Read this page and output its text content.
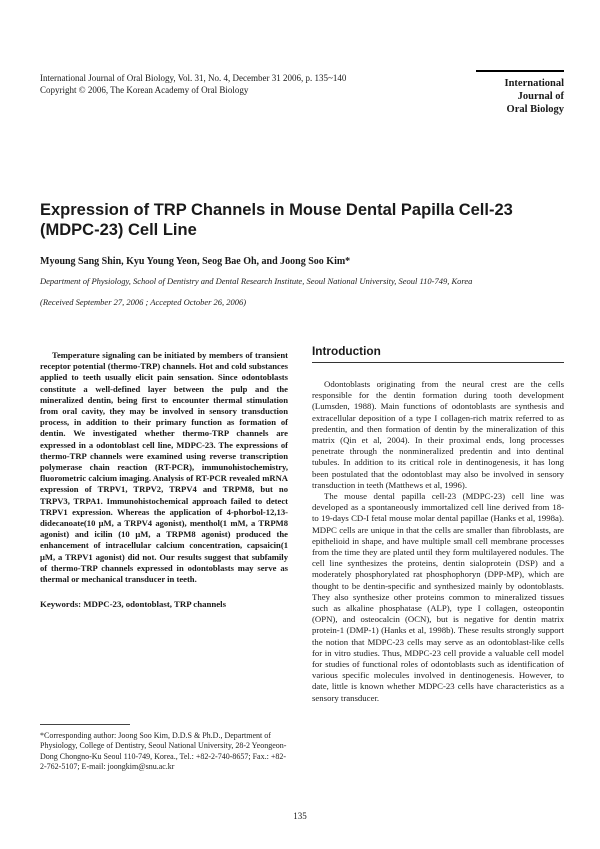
International Journal of Oral Biology, Vol. 31, No. 4, December 31 2006, p. 135~140
Copyright © 2006, The Korean Academy of Oral Biology
International
Journal of
Oral Biology
Expression of TRP Channels in Mouse Dental Papilla Cell-23 (MDPC-23) Cell Line
Myoung Sang Shin, Kyu Young Yeon, Seog Bae Oh, and Joong Soo Kim*
Department of Physiology, School of Dentistry and Dental Research Institute, Seoul National University, Seoul 110-749, Korea
(Received September 27, 2006 ; Accepted October 26, 2006)

Temperature signaling can be initiated by members of transient receptor potential (thermo-TRP) channels. Hot and cold substances applied to teeth usually elicit pain sensation. Since odontoblasts constitute a well-defined layer between the pulp and the mineralized dentin, being first to encounter thermal stimulation from oral cavity, they may be involved in sensory transduction process, in addition to their primary function as formation of dentin. We investigated whether thermo-TRP channels are expressed in a odontoblast cell line, MDPC-23. The expressions of thermo-TRP channels were examined using reverse transcription polymerase chain reaction (RT-PCR), immunohistochemistry, fluorometric calcium imaging. Analysis of RT-PCR revealed mRNA expression of TRPV1, TRPV2, TRPV4 and TRPM8, but no TRPV3, TRPA1. Immunohistochemical approach failed to detect TRPV1 expression. Whereas the application of 4-phorbol-12,13-didecanoate(10 μM, a TRPV4 agonist), menthol(1 mM, a TRPM8 agonist) and icilin (10 μM, a TRPM8 agonist) produced the enhancement of intracellular calcium concentration, capsaicin(1 μM, a TRPV1 agonist) did not. Our results suggest that subfamily of thermo-TRP channels expressed in odontoblasts may serve as thermal or mechanical transducer in teeth.

Keywords: MDPC-23, odontoblast, TRP channels
*Corresponding author: Joong Soo Kim, D.D.S & Ph.D., Department of Physiology, College of Dentistry, Seoul National University, 28-2 Yeongeon-Dong Chongno-Ku Seoul 110-749, Korea., Tel.: +82-2-740-8657; Fax.: +82-2-762-5107; E-mail: joongkim@snu.ac.kr
Introduction

Odontoblasts originating from the neural crest are the cells responsible for the dentin formation during tooth development (Lumsden, 1988). Main functions of odontoblasts are synthesis and extracellular deposition of a type I collagen-rich matrix referred to as predentin, and then formation of dentin by the mineralization of this matrix (Qin et al, 2004). In their proximal ends, long processes penetrate through the nonmineralized predentin and into dentinal tubules. In addition to its critical role in dentinogenesis, it has long been postulated that the odontoblast may also be involved in sensory transduction in teeth (Matthews et al, 1996).

The mouse dental papilla cell-23 (MDPC-23) cell line was developed as a spontaneously immortalized cell line derived from 18- to 19-days CD-I fetal mouse molar dental papillae (Hanks et al, 1998a). MDPC cells are unique in that the cells are smaller than fibroblasts, are epithelioid in shape, and have multiple small cell membrane processes from the time they are plated until they form multilayered nodules. The cell line synthesizes the proteins, dentin sialoprotein (DSP) and a moderately phosphorylated rat phosphophoryn (DPP-MP), which are thought to be dentin-specific and synthesized mainly by odontoblasts. They also synthesize other proteins common to mineralized tissues such as alkaline phosphatase (ALP), type I collagen, osteopontin (OPN), and osteocalcin (OCN), but is negative for dentin matrix protein-1 (DMP-1) (Hanks et al, 1998b). These results strongly support the notion that MDPC-23 cells may serve as an odontoblast-like cells for in vitro studies. Thus, MDPC-23 cell provide a valuable cell model for studies of functional roles of odontoblasts such as identification of various specific molecules involved in dentinogenesis. However, to date, little is known whether MDPC-23 cells have characteristics as a sensory transducer.

135
